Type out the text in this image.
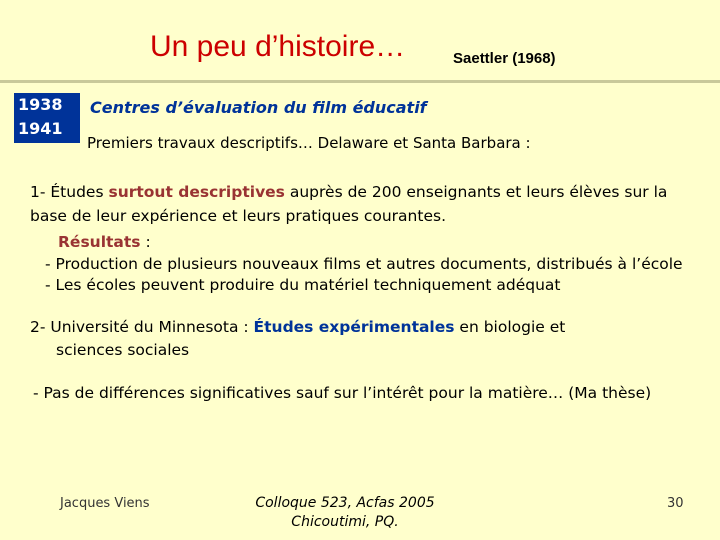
Un peu d’histoire…	Saettler (1968)
1938
1941
Centres d’évaluation du film éducatif
Premiers travaux descriptifs… Delaware et Santa Barbara :
1- Études surtout descriptives auprès de 200 enseignants et leurs élèves sur la
base de leur expérience et leurs pratiques courantes.
Résultats :
- Production de plusieurs nouveaux films et autres documents, distribués à l’école
- Les écoles peuvent produire du matériel techniquement adéquat
2- Université du Minnesota : Études expérimentales en biologie et
sciences sociales
- Pas de différences significatives sauf sur l’intérêt pour la matière… (Ma thèse)
Jacques Viens	Colloque 523, Acfas 2005
Chicoutimi, PQ.
30
